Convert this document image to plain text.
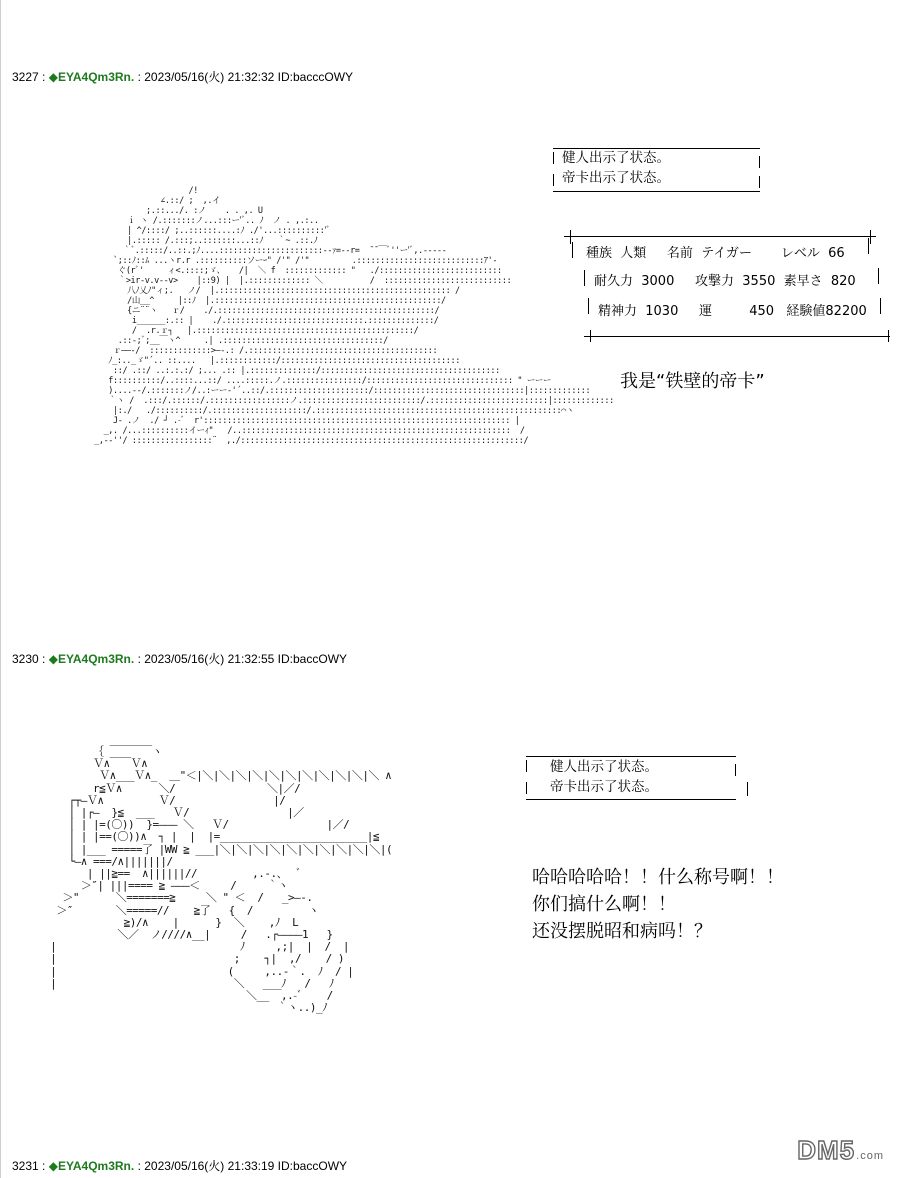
3227 : ◆EYA4Qm3Rn. : 2023/05/16(火) 21:32:32 ID:bacccOWY
/!
∠.::/ ;  ,.イ
;.::.../. :ノ    . . ,. U
ｉ ヽ /.:::::::ノ...:::ー'ﾞ.. ﾉ  ノ . ,.:..
| ^/::::/ ;..::::::....:ﾉ ./'...::::::::::'ﾞ
|.::::: /.:::;..:::::::...::ﾉ   ｀~ .::.ﾉ
｀ﾞ.:::::/..::.;ﾉ....::::::::::::::::::::::--ｧ=--r=  ̄ ̄ ￣ﾞ''ー'ﾞ,.-‐‐--
`;::ﾉ::ﾑ ...ヽr.r .::::::::::ソーｰ" /'" /'"         .:::::::::::::::::::::::::::ｱ'-
ぐ(rﾞ'     ィ<.::::;ゞ、   /|  ＼ f  ::::::::::::: "   ./::::::::::::::::::::::::::
｀>ir-v.v--v>    |::9) |  |.::::::::::::: ＼          /  :::::::::::::::::::::::::::
八ﾉ乂ﾉ"ィ;.   ノ/  |.::::::::::::::::::::::::::::::::::::::::::::::::: /
/山__^     |::ﾉ  |.::::::::::::::::::::::::::::::::::::::::::::::::/
{ニ¨¨ヽ   ｒ/    ./.::::::::::::::::::::::::::::::::::::::::::::::/
i______:.:: |    ./.:::::::::::::::::::::::::::::.::::::::::::::/
/  .r.ｒ┐   |.::::::::::::::::::::::::::::::::::::::::::::::/
.::-;ﾞ;__￣ヽ^     .| .::::::::::::::::::::::::::::::::::/
ｒ――‐/  :::::::::::::>―‐.: /.::::::::::::::::::::::::::::::::::::::::
ﾉ_:.._ゞ"´.. ::....   |.::::::::::::/::::::::::::::::::::::::::::::::::::::
::/ .::/ ..:.:.:/ ;... .:: |.::::::::::::::/::::::::::::::::::::::::::::::::::::::
f::::::::::/..::::...::/ ....:::::.ノ.::::::::::::::::/::::::::::::::::::::::::::::::: " ーーー
)....--/.:::::::ノ/..:ーー‐'´..::/.:::::::::::::::::::::/::::::::::::::::::::::::::::::::|:::::::::::::
｀ヽ /  .:::/.::::::/.:::::::::::::::::ノ.:::::::::::::::::::::::::/.:::::::::::::::::::::::::|:::::::::::::
|:./   ./::::::::::/.::::::::::::::::::::/.::::::::::::::::::::::::::::::::::::::::::::::::::::⌒ヽ
J- .ノ  ./ ┘ .-ﾞ  r'::::::::::::::::::::::::::::::::::::::::::::::::::::::::::::::::: |
_,. /...::::::::::イーｨ"   /..:::::::::::::::::::::::::::::::::::::::::::::::::::::::::  /
_,--''/ :::::::::::::::::¨  ,./::::::::::::::::::::::::::::::::::::::::::::::::::::::::::::/
健人出示了状态。
帝卡出示了状态。
種族  人類     名前  テイガー       レベル  66
耐久力  3000     攻撃力  3550  素早さ  820
精神力  1030     運         450   経験値82200
我是“铁壁的帝卡”
3230 : ◆EYA4Qm3Rn. : 2023/05/16(火) 21:32:55 ID:baccOWY
｛ ￣￣￣￣ヽ
Ｖ∧￣￣Ｖ∧
Ｖ∧___Ｖ∧_  ＿"＜|＼|＼|＼|＼|＼|＼|＼|＼|＼|＼|＼ ∧
r≦Ｖ∧      ＼/               ＼|／/
┌┬―Ｖ∧         Ｖ/                |/
│ |┌―  }≦  ___   Ｖ/                |／
│ | |=(〇))  }=――― ＼   Ｖ/                |／/
│ | |==(〇))∧  ┐ |  |  |=________________________|≦
│ |___ =====了 |WW ≧ ___|＼|＼|＼|＼|＼|＼|＼|＼|＼|＼|(
└―∧ ===/∧|||||||/
| ||≧==  ∧||||||//         ,.-.、  ﾞ
＞″| |||==== ≧ ―――＜     /     ｀ヽ
＞"      ＼=======≧     ＼ " ＜  /   _>―-.
＞″       ＼=====//    ≧了   {  /         ヽ
≧)/∧    |      }  ＼    ,ﾉ  L
＼／  ノ////∧__|     /   .┌――――1   }
|                              ﾉ     ,;|  |  /  |
|                             ;    ┐|  ,/    / )
|                            (     ,..-｀.  ﾉ  / |
|                             ＼   ___ﾉ   /   ﾉ
＼__  ,.-ﾞ    /
｀ヽ..)_ﾉ
健人出示了状态。
帝卡出示了状态。
哈哈哈哈哈！！什么称号啊！！
你们搞什么啊！！
还没摆脱昭和病吗！？
3231 : ◆EYA4Qm3Rn. : 2023/05/16(火) 21:33:19 ID:baccOWY
DM5.com
